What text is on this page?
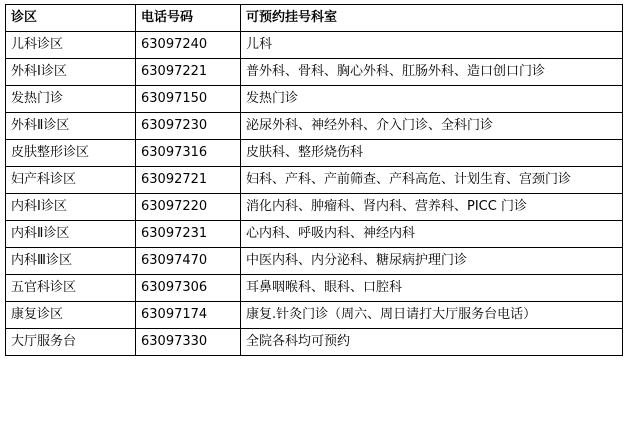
诊区	电话号码	可预约挂号科室
儿科诊区	63097240	儿科
外科Ⅰ诊区	63097221	普外科、骨科、胸心外科、肛肠外科、造口创口门诊
发热门诊	63097150	发热门诊
外科Ⅱ诊区	63097230	泌尿外科、神经外科、介入门诊、全科门诊
皮肤整形诊区	63097316	皮肤科、整形烧伤科
妇产科诊区	63092721	妇科、产科、产前筛查、产科高危、计划生育、宫颈门诊
内科Ⅰ诊区	63097220	消化内科、肿瘤科、肾内科、营养科、PICC 门诊
内科Ⅱ诊区	63097231	心内科、呼吸内科、神经内科
内科Ⅲ诊区	63097470	中医内科、内分泌科、糖尿病护理门诊
五官科诊区	63097306	耳鼻咽喉科、眼科、口腔科
康复诊区	63097174	康复.针灸门诊（周六、周日请打大厅服务台电话）
大厅服务台	63097330	全院各科均可预约
